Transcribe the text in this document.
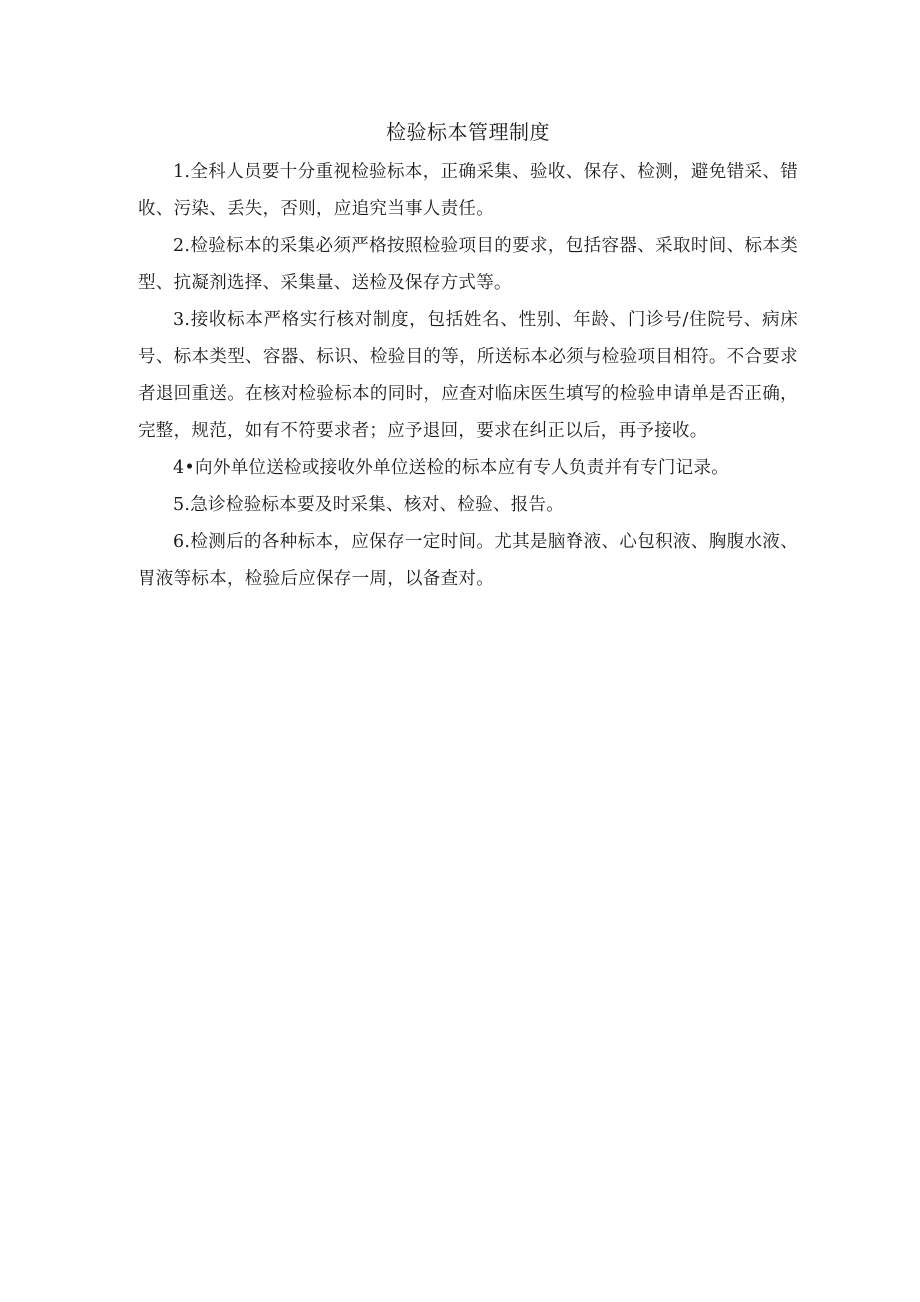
检验标本管理制度

1.全科人员要十分重视检验标本，正确采集、验收、保存、检测，避免错采、错收、污染、丢失，否则，应追究当事人责任。

2.检验标本的采集必须严格按照检验项目的要求，包括容器、采取时间、标本类型、抗凝剂选择、采集量、送检及保存方式等。

3.接收标本严格实行核对制度，包括姓名、性别、年龄、门诊号/住院号、病床号、标本类型、容器、标识、检验目的等，所送标本必须与检验项目相符。不合要求者退回重送。在核对检验标本的同时，应查对临床医生填写的检验申请单是否正确，完整，规范，如有不符要求者；应予退回，要求在纠正以后，再予接收。

4•向外单位送检或接收外单位送检的标本应有专人负责并有专门记录。

5.急诊检验标本要及时采集、核对、检验、报告。

6.检测后的各种标本，应保存一定时间。尤其是脑脊液、心包积液、胸腹水液、胃液等标本，检验后应保存一周，以备查对。
